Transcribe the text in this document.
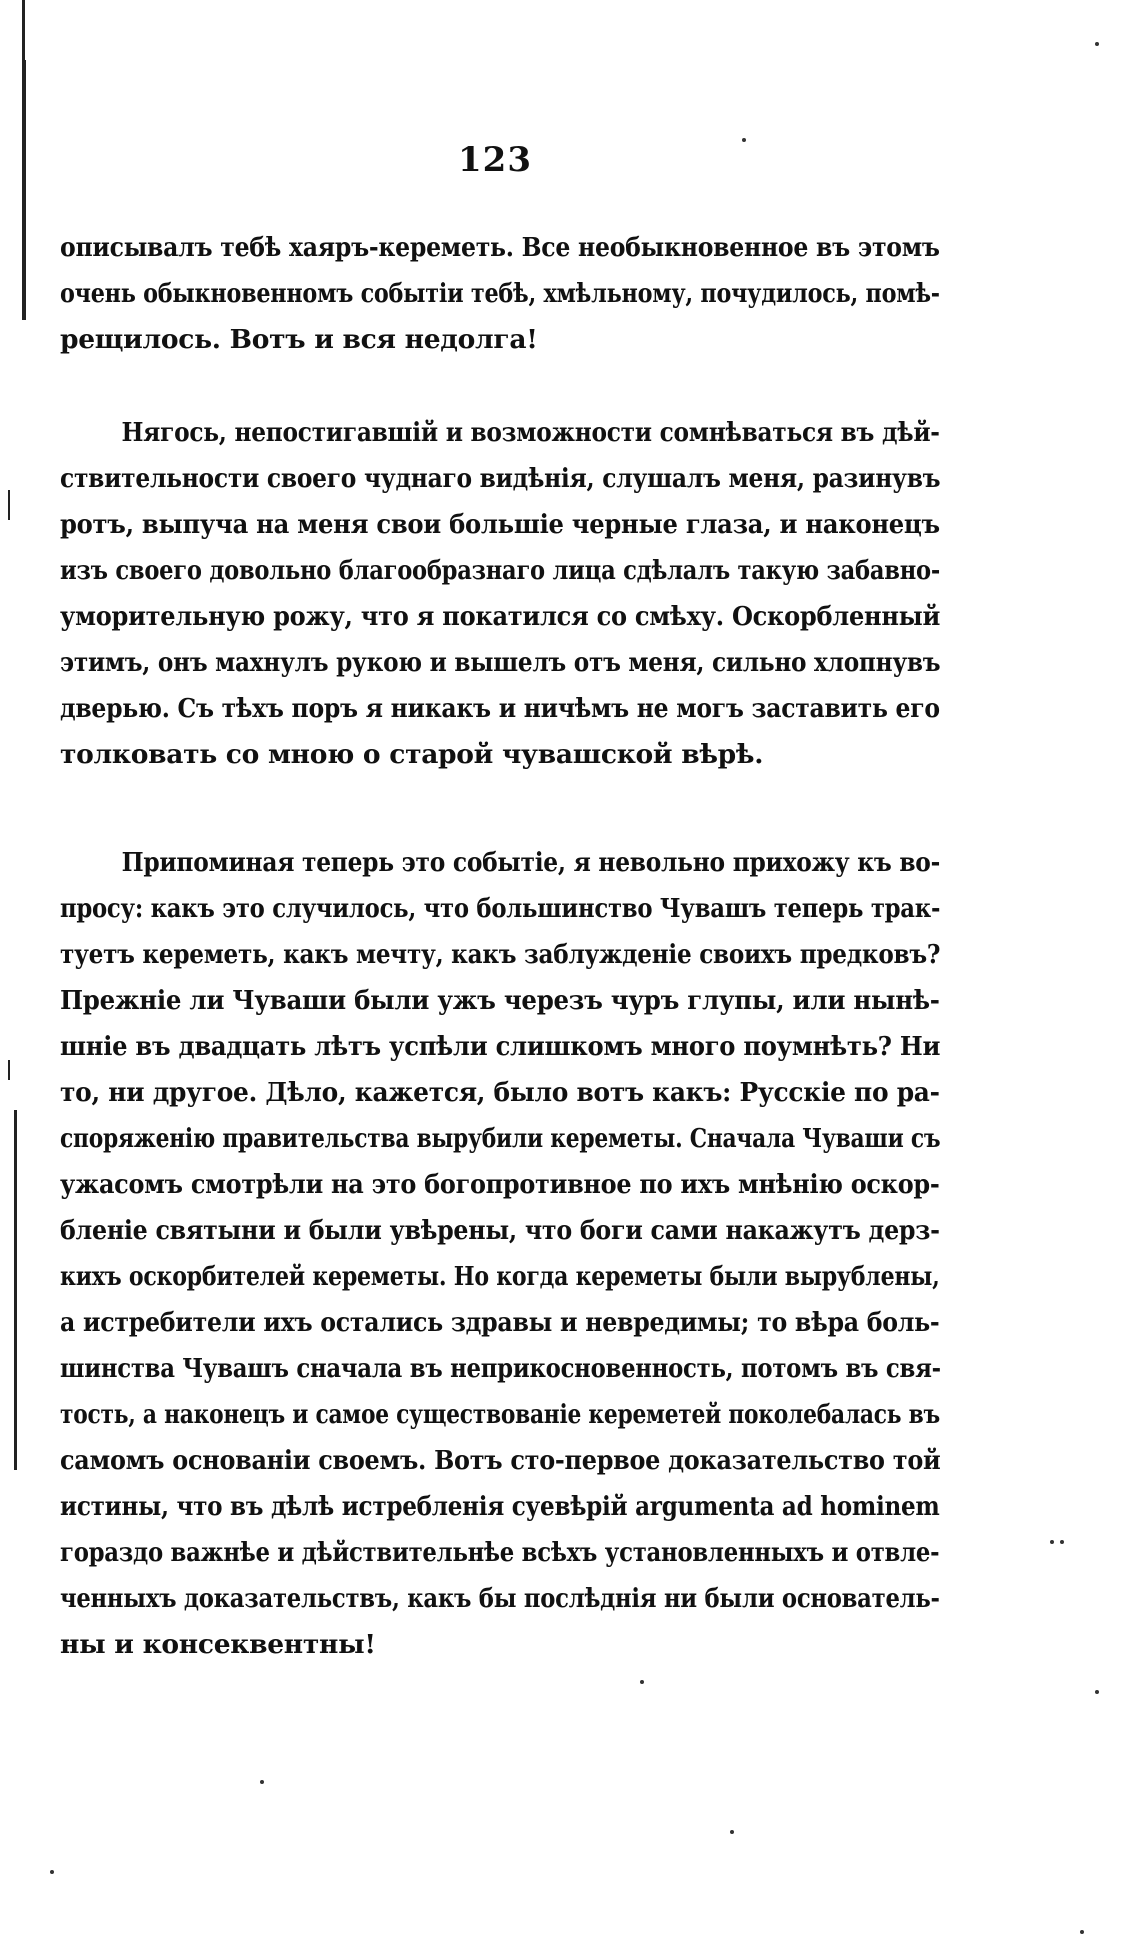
123
описывалъ тебѣ хаяръ-кереметь. Все необыкновенное въ этомъ
очень обыкновенномъ событіи тебѣ, хмѣльному, почудилось, помѣ-
рещилось. Вотъ и вся недолга!
Нягось, непостигавшій и возможности сомнѣваться въ дѣй-
ствительности своего чуднаго видѣнія, слушалъ меня, разинувъ
ротъ, выпуча на меня свои большіе черные глаза, и наконецъ
изъ своего довольно благообразнаго лица сдѣлалъ такую забавно-
уморительную рожу, что я покатился со смѣху. Оскорбленный
этимъ, онъ махнулъ рукою и вышелъ отъ меня, сильно хлопнувъ
дверью. Съ тѣхъ поръ я никакъ и ничѣмъ не могъ заставить его
толковать со мною о старой чувашской вѣрѣ.
Припоминая теперь это событіе, я невольно прихожу къ во-
просу: какъ это случилось, что большинство Чувашъ теперь трак-
туетъ кереметь, какъ мечту, какъ заблужденіе своихъ предковъ?
Прежніе ли Чуваши были ужъ черезъ чуръ глупы, или нынѣ-
шніе въ двадцать лѣтъ успѣли слишкомъ много поумнѣть? Ни
то, ни другое. Дѣло, кажется, было вотъ какъ: Русскіе по ра-
споряженію правительства вырубили кереметы. Сначала Чуваши съ
ужасомъ смотрѣли на это богопротивное по ихъ мнѣнію оскор-
бленіе святыни и были увѣрены, что боги сами накажутъ дерз-
кихъ оскорбителей кереметы. Но когда кереметы были вырублены,
а истребители ихъ остались здравы и невредимы; то вѣра боль-
шинства Чувашъ сначала въ неприкосновенность, потомъ въ свя-
тость, а наконецъ и самое существованіе кереметей поколебалась въ
самомъ основаніи своемъ. Вотъ сто-первое доказательство той
истины, что въ дѣлѣ истребленія суевѣрій argumenta ad hominem
гораздо важнѣе и дѣйствительнѣе всѣхъ установленныхъ и отвле-
ченныхъ доказательствъ, какъ бы послѣднія ни были основатель-
ны и консеквентны!
